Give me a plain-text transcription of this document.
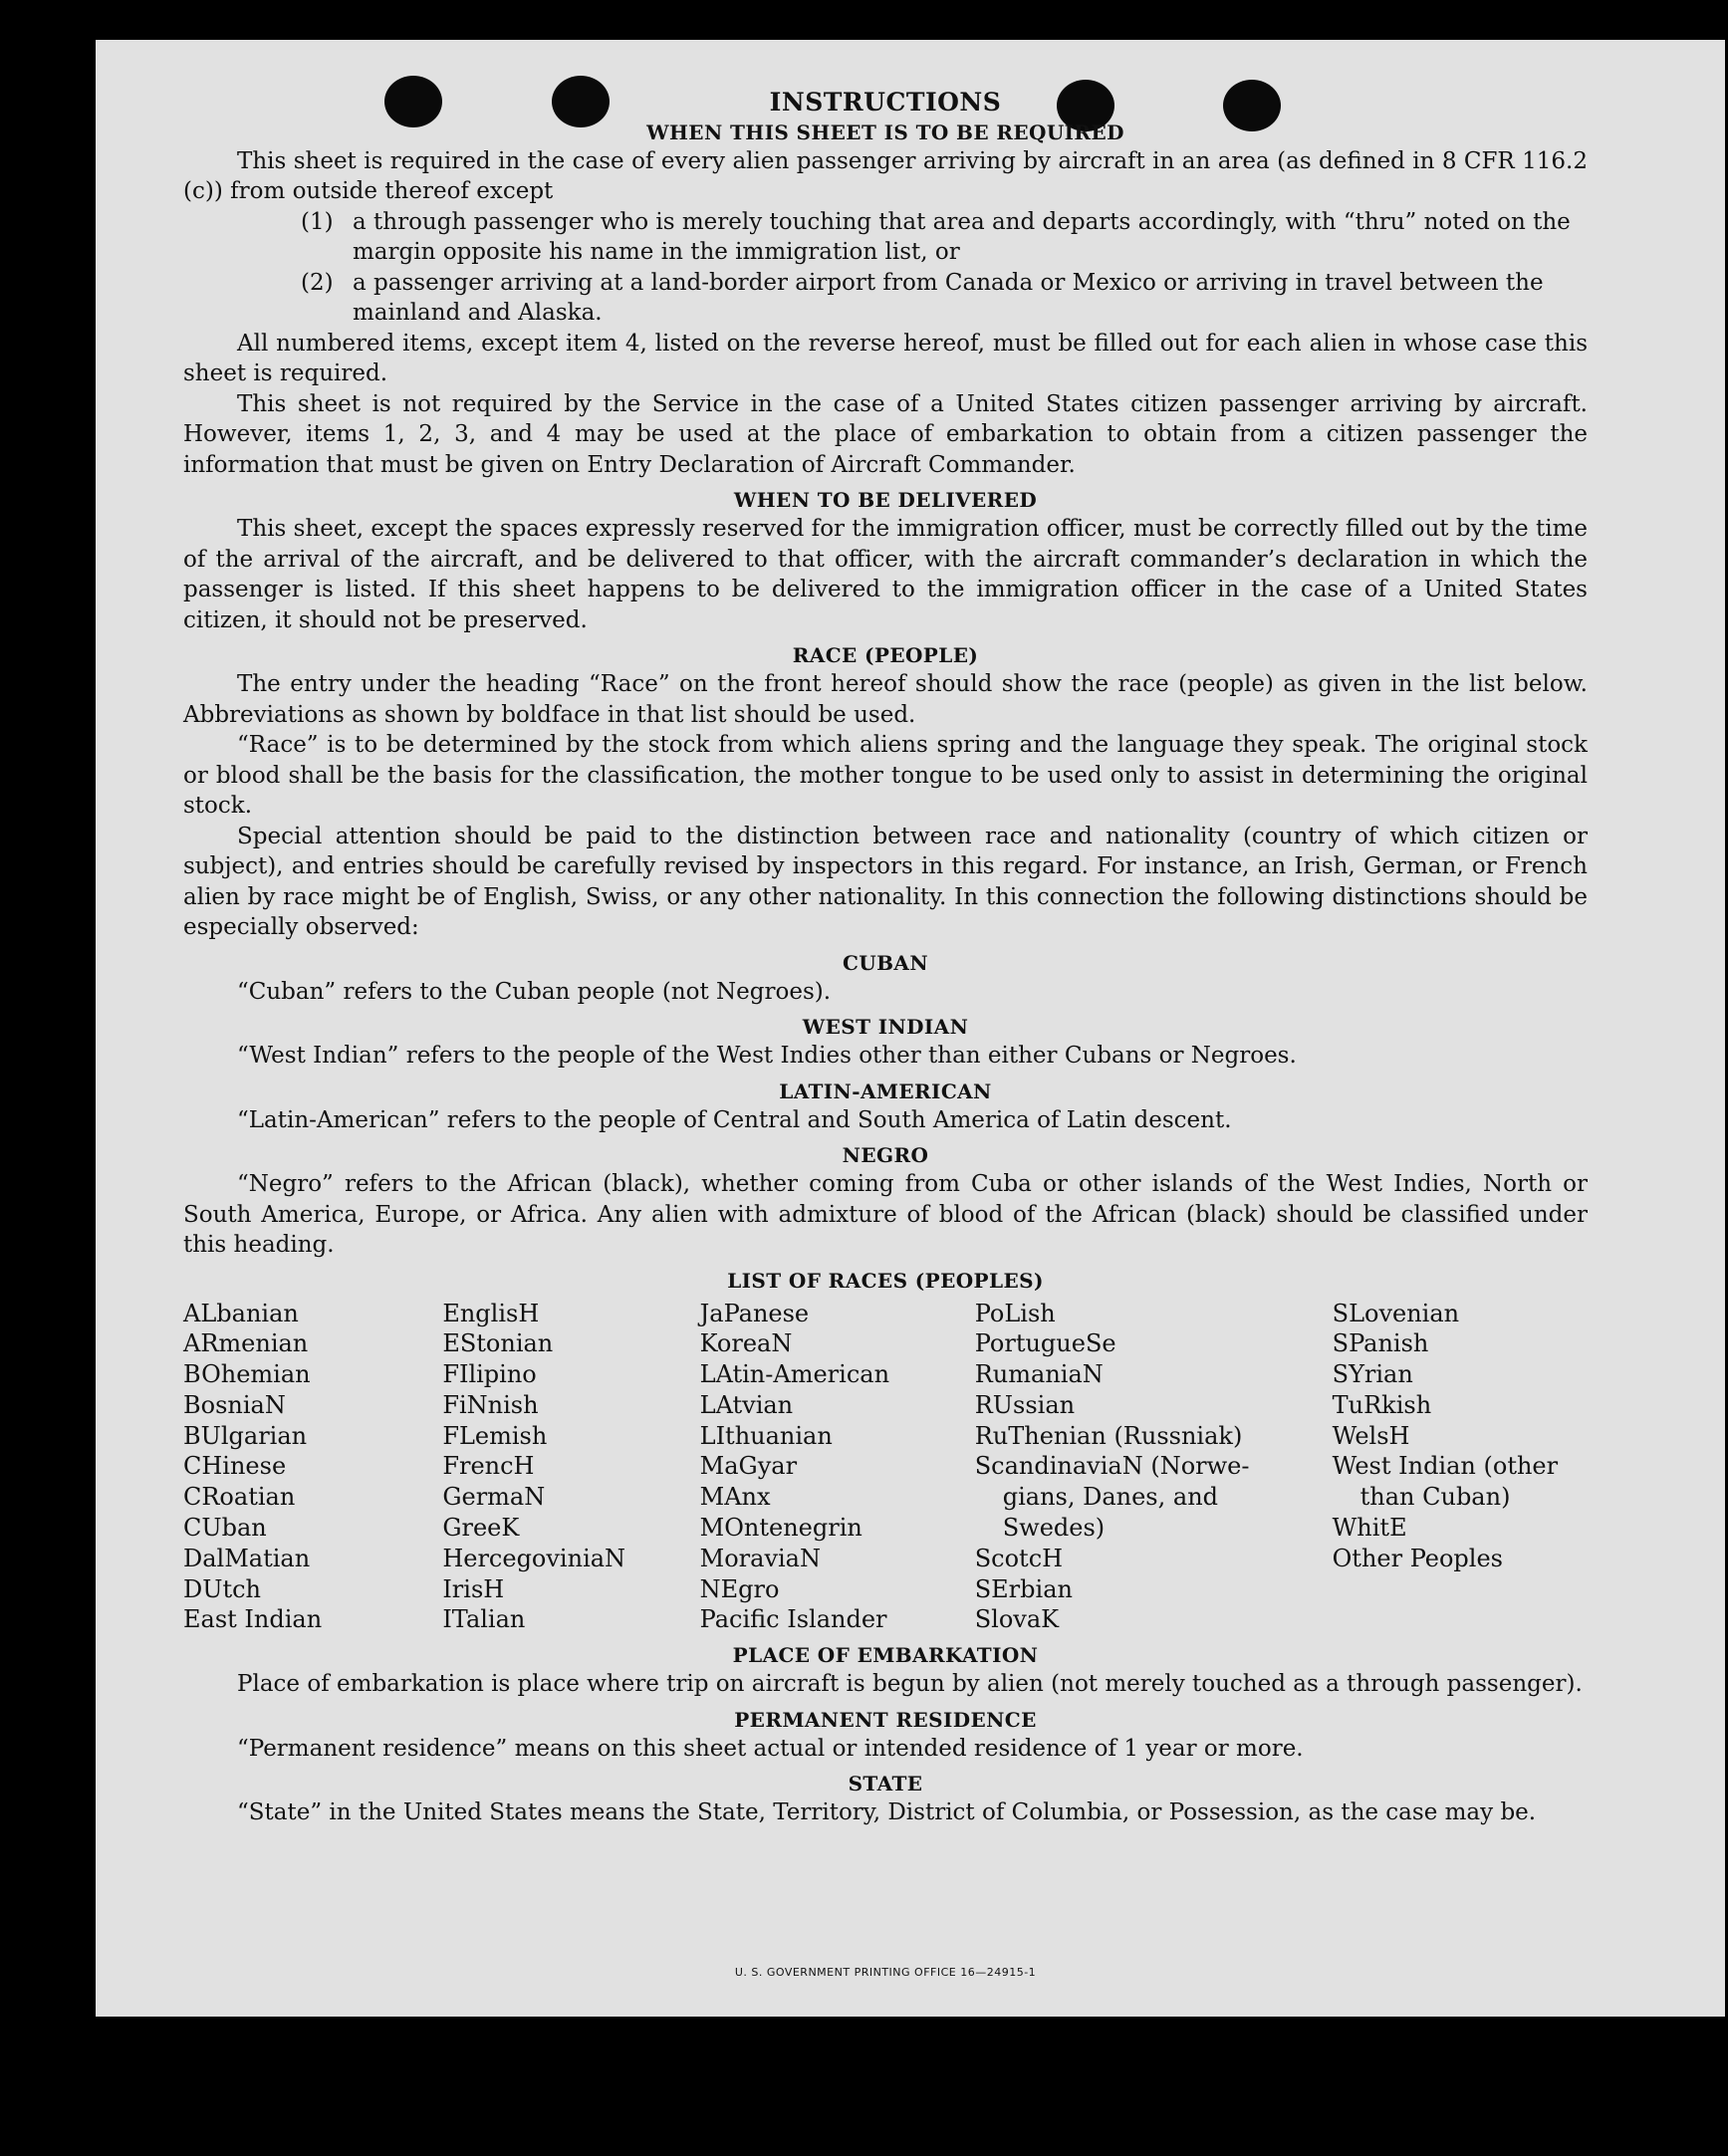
INSTRUCTIONS
WHEN THIS SHEET IS TO BE REQUIRED

This sheet is required in the case of every alien passenger arriving by aircraft in an area (as defined in 8 CFR 116.2 (c)) from outside thereof except

(1) a through passenger who is merely touching that area and departs accordingly, with “thru” noted on the margin opposite his name in the immigration list, or
(2) a passenger arriving at a land-border airport from Canada or Mexico or arriving in travel between the mainland and Alaska.

All numbered items, except item 4, listed on the reverse hereof, must be filled out for each alien in whose case this sheet is required.

This sheet is not required by the Service in the case of a United States citizen passenger arriving by aircraft. However, items 1, 2, 3, and 4 may be used at the place of embarkation to obtain from a citizen passenger the information that must be given on Entry Declaration of Aircraft Commander.

WHEN TO BE DELIVERED

This sheet, except the spaces expressly reserved for the immigration officer, must be correctly filled out by the time of the arrival of the aircraft, and be delivered to that officer, with the aircraft commander’s declaration in which the passenger is listed. If this sheet happens to be delivered to the immigration officer in the case of a United States citizen, it should not be preserved.

RACE (PEOPLE)

The entry under the heading “Race” on the front hereof should show the race (people) as given in the list below. Abbreviations as shown by boldface in that list should be used.

“Race” is to be determined by the stock from which aliens spring and the language they speak. The original stock or blood shall be the basis for the classification, the mother tongue to be used only to assist in determining the original stock.

Special attention should be paid to the distinction between race and nationality (country of which citizen or subject), and entries should be carefully revised by inspectors in this regard. For instance, an Irish, German, or French alien by race might be of English, Swiss, or any other nationality. In this connection the following distinctions should be especially observed:

CUBAN

“Cuban” refers to the Cuban people (not Negroes).

WEST INDIAN

“West Indian” refers to the people of the West Indies other than either Cubans or Negroes.

LATIN-AMERICAN

“Latin-American” refers to the people of Central and South America of Latin descent.

NEGRO

“Negro” refers to the African (black), whether coming from Cuba or other islands of the West Indies, North or South America, Europe, or Africa. Any alien with admixture of blood of the African (black) should be classified under this heading.

LIST OF RACES (PEOPLES)
ALbanian
ARmenian
BOhemian
BosniaN
BUlgarian
CHinese
CRoatian
CUban
DalMatian
DUtch
East Indian
EnglisH
EStonian
FIlipino
FiNnish
FLemish
FrencH
GermaN
GreeK
HercegoviniaN
IrisH
ITalian
JaPanese
KoreaN
LAtin-American
LAtvian
LIthuanian
MaGyar
MAnx
MOntenegrin
MoraviaN
NEgro
Pacific Islander
PoLish
PortugueSe
RumaniaN
RUssian
RuThenian (Russniak)
ScandinaviaN (Norwe-
gians, Danes, and
Swedes)
ScotcH
SErbian
SlovaK
SLovenian
SPanish
SYrian
TuRkish
WelsH
West Indian (other
than Cuban)
WhitE
Other Peoples
PLACE OF EMBARKATION

Place of embarkation is place where trip on aircraft is begun by alien (not merely touched as a through passenger).

PERMANENT RESIDENCE

“Permanent residence” means on this sheet actual or intended residence of 1 year or more.

STATE

“State” in the United States means the State, Territory, District of Columbia, or Possession, as the case may be.

U. S. GOVERNMENT PRINTING OFFICE 16—24915-1
